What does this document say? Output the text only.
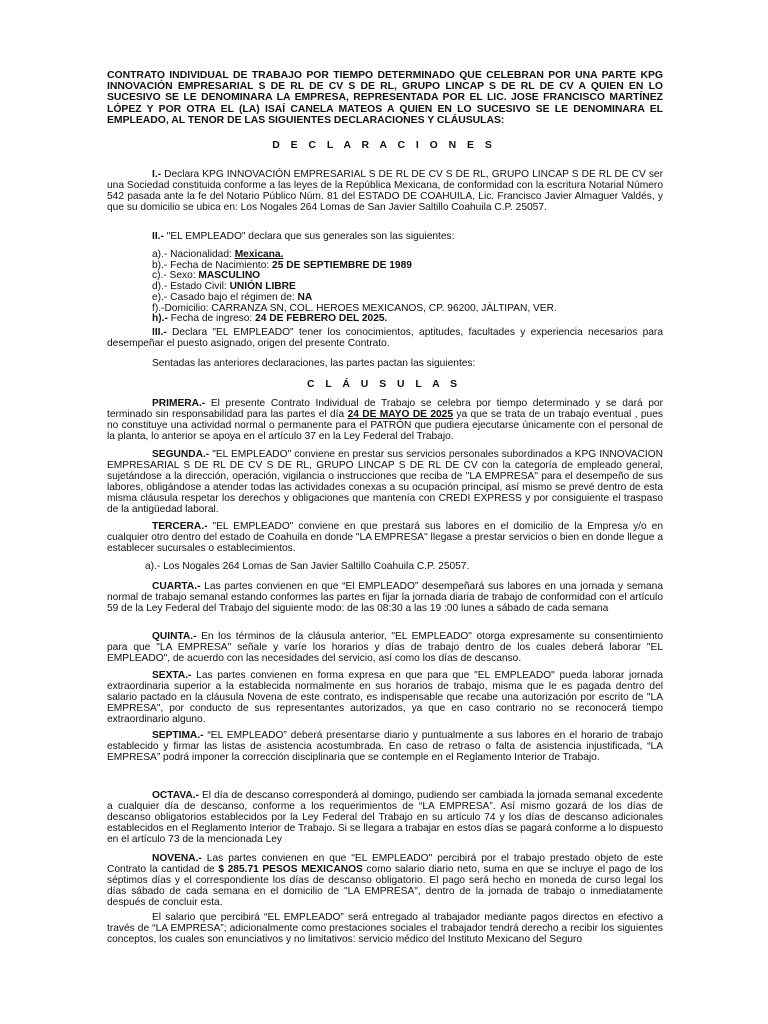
CONTRATO INDIVIDUAL DE TRABAJO POR TIEMPO DETERMINADO QUE CELEBRAN POR UNA PARTE KPG INNOVACIÓN EMPRESARIAL S DE RL DE CV S DE RL, GRUPO LINCAP S DE RL DE CV A QUIEN EN LO SUCESIVO SE LE DENOMINARA LA EMPRESA, REPRESENTADA POR EL LIC. JOSE FRANCISCO MARTÍNEZ LÓPEZ Y POR OTRA EL (LA) ISAÍ CANELA MATEOS A QUIEN EN LO SUCESIVO SE LE DENOMINARA EL EMPLEADO, AL TENOR DE LAS SIGUIENTES DECLARACIONES Y CLÁUSULAS:
D E C L A R A C I O N E S
I.- Declara KPG INNOVACIÓN EMPRESARIAL S DE RL DE CV S DE RL, GRUPO LINCAP S DE RL DE CV ser una Sociedad constituida conforme a las leyes de la República Mexicana, de conformidad con la escritura Notarial Número 542 pasada ante la fe del Notario Público Núm. 81 del ESTADO DE COAHUILA, Lic. Francisco Javier Almaguer Valdés, y que su domicilio se ubica en: Los Nogales 264 Lomas de San Javier Saltillo Coahuila C.P. 25057.
II.- "EL EMPLEADO" declara que sus generales son las siguientes:
a).- Nacionalidad: Mexicana.
b).- Fecha de Nacimiento: 25 DE SEPTIEMBRE DE 1989
c).- Sexo: MASCULINO
d).- Estado Civil: UNIÓN LIBRE
e).- Casado bajo el régimen de: NA
f).-Domicilio: CARRANZA SN, COL. HEROES MEXICANOS, CP. 96200, JÁLTIPAN, VER.
h).- Fecha de ingreso: 24 DE FEBRERO DEL 2025.
III.- Declara "EL EMPLEADO" tener los conocimientos, aptitudes, facultades y experiencia necesarios para desempeñar el puesto asignado, origen del presente Contrato.
Sentadas las anteriores declaraciones, las partes pactan las siguientes:
C L Á U S U L A S
PRIMERA.- El presente Contrato Individual de Trabajo se celebra por tiempo determinado y se dará por terminado sin responsabilidad para las partes el día 24 DE MAYO DE 2025 ya que se trata de un trabajo eventual , pues no constituye una actividad normal o permanente para el PATRÓN que pudiera ejecutarse únicamente con el personal de la planta, lo anterior se apoya en el artículo 37 en la Ley Federal del Trabajo.
SEGUNDA.- "EL EMPLEADO" conviene en prestar sus servicios personales subordinados a KPG INNOVACION EMPRESARIAL S DE RL DE CV S DE RL, GRUPO LINCAP S DE RL DE CV con la categoría de empleado general, sujetándose a la dirección, operación, vigilancia o instrucciones que reciba de "LA EMPRESA" para el desempeño de sus labores, obligándose a atender todas las actividades conexas a su ocupación principal, así mismo se prevé dentro de esta misma cláusula respetar los derechos y obligaciones que mantenía con CREDI EXPRESS y por consiguiente el traspaso de la antigüedad laboral.
TERCERA.- "EL EMPLEADO" conviene en que prestará sus labores en el domicilio de la Empresa y/o en cualquier otro dentro del estado de Coahuila en donde "LA EMPRESA" llegase a prestar servicios o bien en donde llegue a establecer sucursales o establecimientos.
a).- Los Nogales 264 Lomas de San Javier Saltillo Coahuila C.P. 25057.
CUARTA.- Las partes convienen en que “El EMPLEADO” desempeñará sus labores en una jornada y semana normal de trabajo semanal estando conformes las partes en fijar la jornada diaria de trabajo de conformidad con el artículo 59 de la Ley Federal del Trabajo del siguiente modo: de las 08:30 a las 19 :00 lunes a sábado de cada semana
QUINTA.- En los términos de la cláusula anterior, "EL EMPLEADO" otorga expresamente su consentimiento para que "LA EMPRESA" señale y varíe los horarios y días de trabajo dentro de los cuales deberá laborar "EL EMPLEADO", de acuerdo con las necesidades del servicio, así como los días de descanso.
SEXTA.- Las partes convienen en forma expresa en que para que "EL EMPLEADO" pueda laborar jornada extraordinaria superior a la establecida normalmente en sus horarios de trabajo, misma que le es pagada dentro del salario pactado en la cláusula Novena de este contrato, es indispensable que recabe una autorización por escrito de "LA EMPRESA", por conducto de sus representantes autorizados, ya que en caso contrario no se reconocerá tiempo extraordinario alguno.
SEPTIMA.- “EL EMPLEADO” deberá presentarse diario y puntualmente a sus labores en el horario de trabajo establecido y firmar las listas de asistencia acostumbrada. En caso de retraso o falta de asistencia injustificada, “LA EMPRESA” podrá imponer la corrección disciplinaria que se contemple en el Reglamento Interior de Trabajo.
OCTAVA.- El día de descanso corresponderá al domingo, pudiendo ser cambiada la jornada semanal excedente a cualquier día de descanso, conforme a los requerimientos de “LA EMPRESA”. Así mismo gozará de los días de descanso obligatorios establecidos por la Ley Federal del Trabajo en su artículo 74 y los días de descanso adicionales establecidos en el Reglamento Interior de Trabajo. Si se llegara a trabajar en estos días se pagará conforme a lo dispuesto en el artículo 73 de la mencionada Ley
NOVENA.- Las partes convienen en que "EL EMPLEADO" percibirá por el trabajo prestado objeto de este Contrato la cantidad de $ 285.71 PESOS MEXICANOS como salario diario neto, suma en que se incluye el pago de los séptimos días y el correspondiente los días de descanso obligatorio. El pago será hecho en moneda de curso legal los días sábado de cada semana en el domicilio de "LA EMPRESA", dentro de la jornada de trabajo o inmediatamente después de concluir esta.
El salario que percibirá “EL EMPLEADO” será entregado al trabajador mediante pagos directos en efectivo a través de “LA EMPRESA”; adicionalmente como prestaciones sociales el trabajador tendrá derecho a recibir los siguientes conceptos, los cuales son enunciativos y no limitativos: servicio médico del Instituto Mexicano del Seguro
